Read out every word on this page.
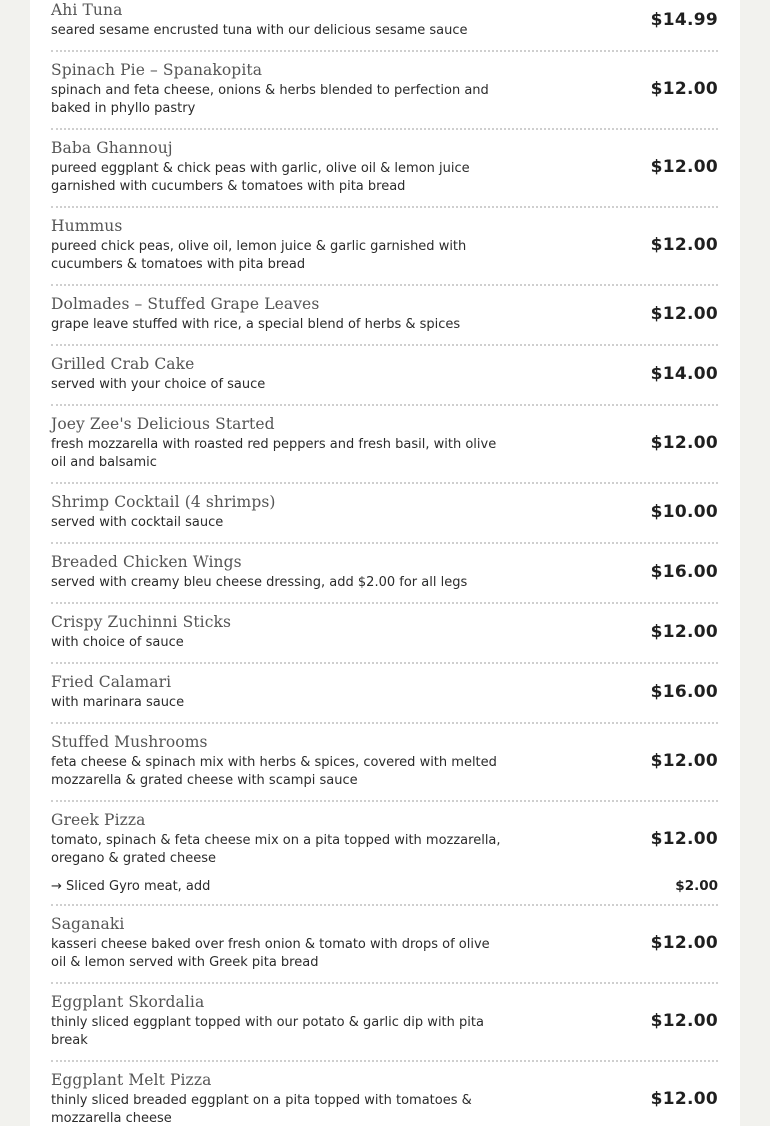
Ahi Tuna
seared sesame encrusted tuna with our delicious sesame sauce
$14.99
Spinach Pie – Spanakopita
spinach and feta cheese, onions & herbs blended to perfection and baked in phyllo pastry
$12.00
Baba Ghannouj
pureed eggplant & chick peas with garlic, olive oil & lemon juice garnished with cucumbers & tomatoes with pita bread
$12.00
Hummus
pureed chick peas, olive oil, lemon juice & garlic garnished with cucumbers & tomatoes with pita bread
$12.00
Dolmades – Stuffed Grape Leaves
grape leave stuffed with rice, a special blend of herbs & spices
$12.00
Grilled Crab Cake
served with your choice of sauce
$14.00
Joey Zee's Delicious Started
fresh mozzarella with roasted red peppers and fresh basil, with olive oil and balsamic
$12.00
Shrimp Cocktail (4 shrimps)
served with cocktail sauce
$10.00
Breaded Chicken Wings
served with creamy bleu cheese dressing, add $2.00 for all legs
$16.00
Crispy Zuchinni Sticks
with choice of sauce
$12.00
Fried Calamari
with marinara sauce
$16.00
Stuffed Mushrooms
feta cheese & spinach mix with herbs & spices, covered with melted mozzarella & grated cheese with scampi sauce
$12.00
Greek Pizza
tomato, spinach & feta cheese mix on a pita topped with mozzarella, oregano & grated cheese
$12.00
→ Sliced Gyro meat, add	$2.00
Saganaki
kasseri cheese baked over fresh onion & tomato with drops of olive oil & lemon served with Greek pita bread
$12.00
Eggplant Skordalia
thinly sliced eggplant topped with our potato & garlic dip with pita break
$12.00
Eggplant Melt Pizza
thinly sliced breaded eggplant on a pita topped with tomatoes & mozzarella cheese
$12.00
